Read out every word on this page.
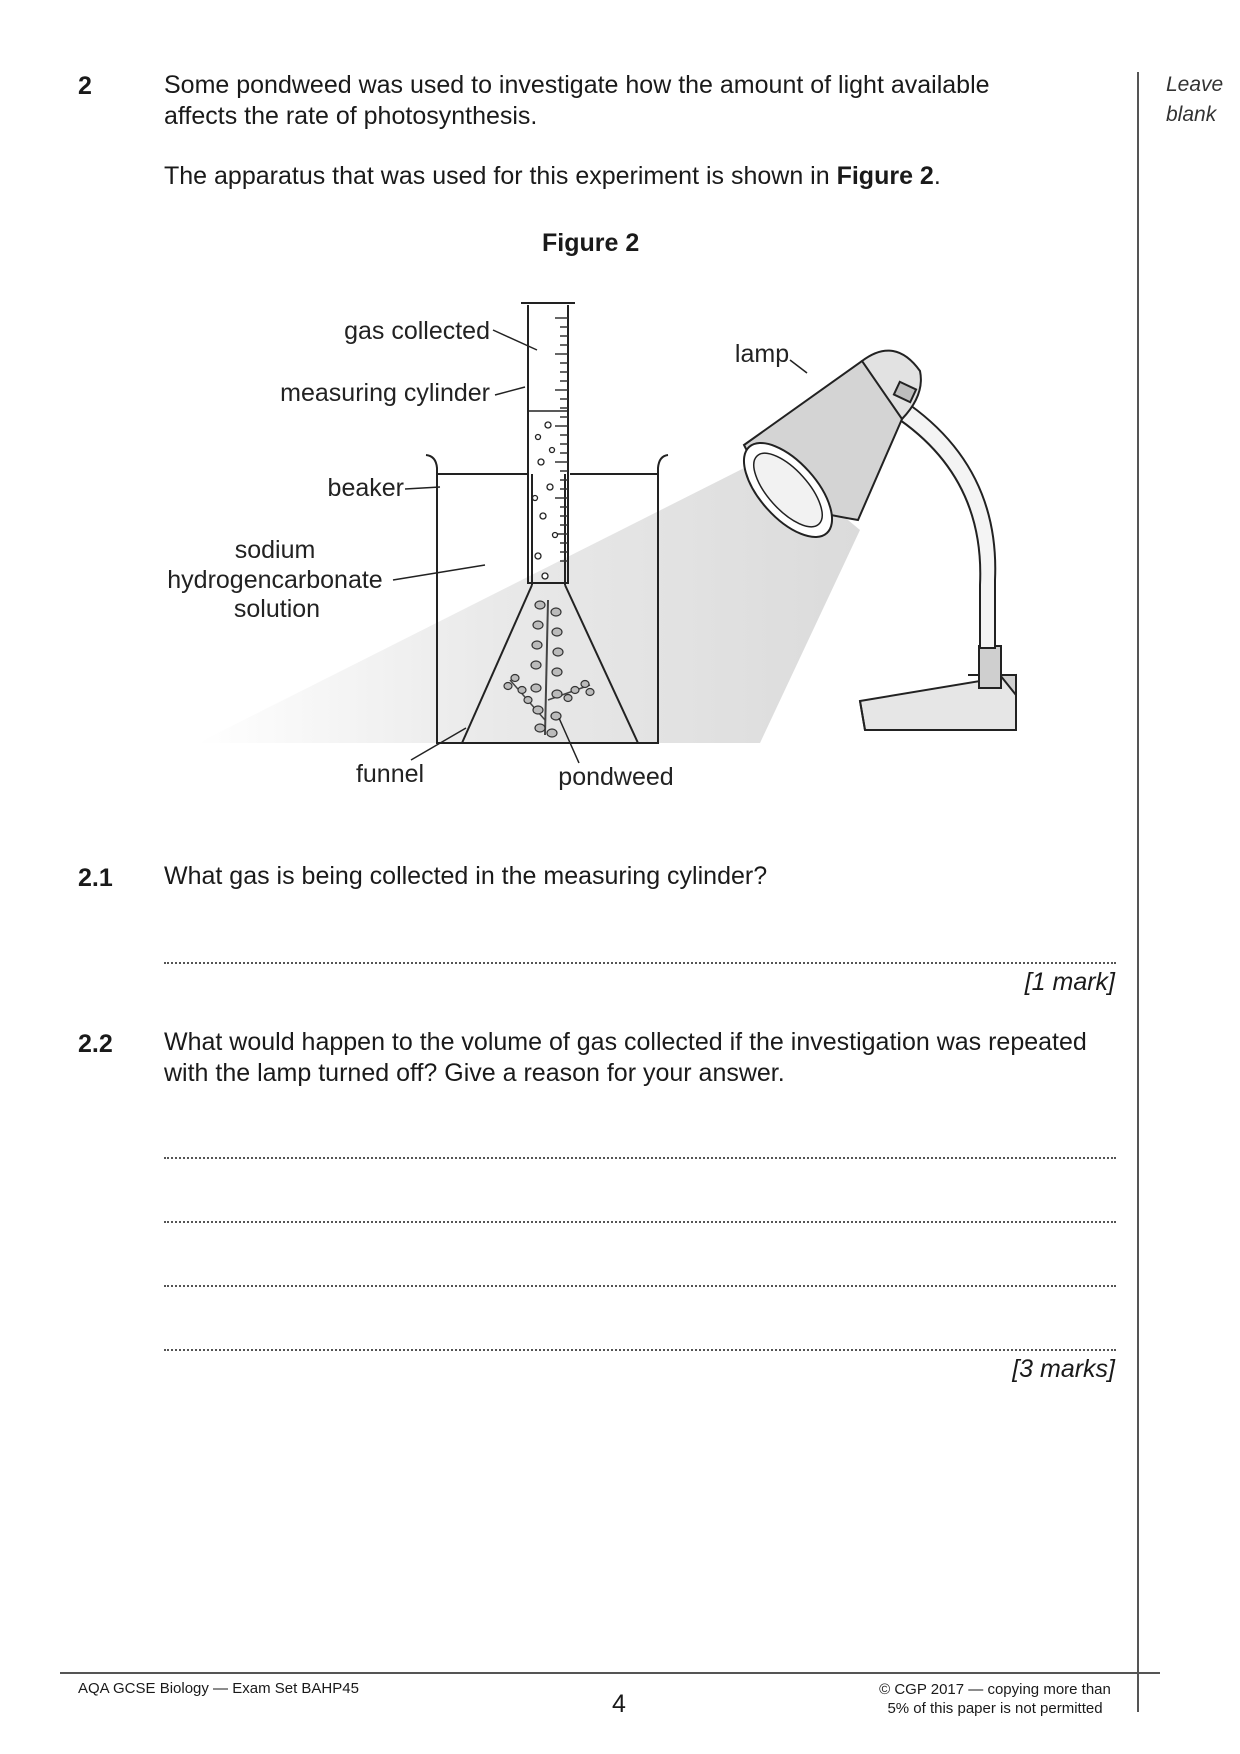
Leave
blank
2	Some pondweed was used to investigate how the amount of light available
affects the rate of photosynthesis.
The apparatus that was used for this experiment is shown in Figure 2.
Figure 2
gas collected
measuring cylinder
beaker
sodium
hydrogencarbonate
solution
funnel	pondweed
lamp
2.1 What gas is being collected in the measuring cylinder?
[1 mark]
2.2 What would happen to the volume of gas collected if the investigation was repeated
with the lamp turned off? Give a reason for your answer.
[3 marks]
AQA GCSE Biology — Exam Set BAHP45
4
© CGP 2017 — copying more than
5% of this paper is not permitted
